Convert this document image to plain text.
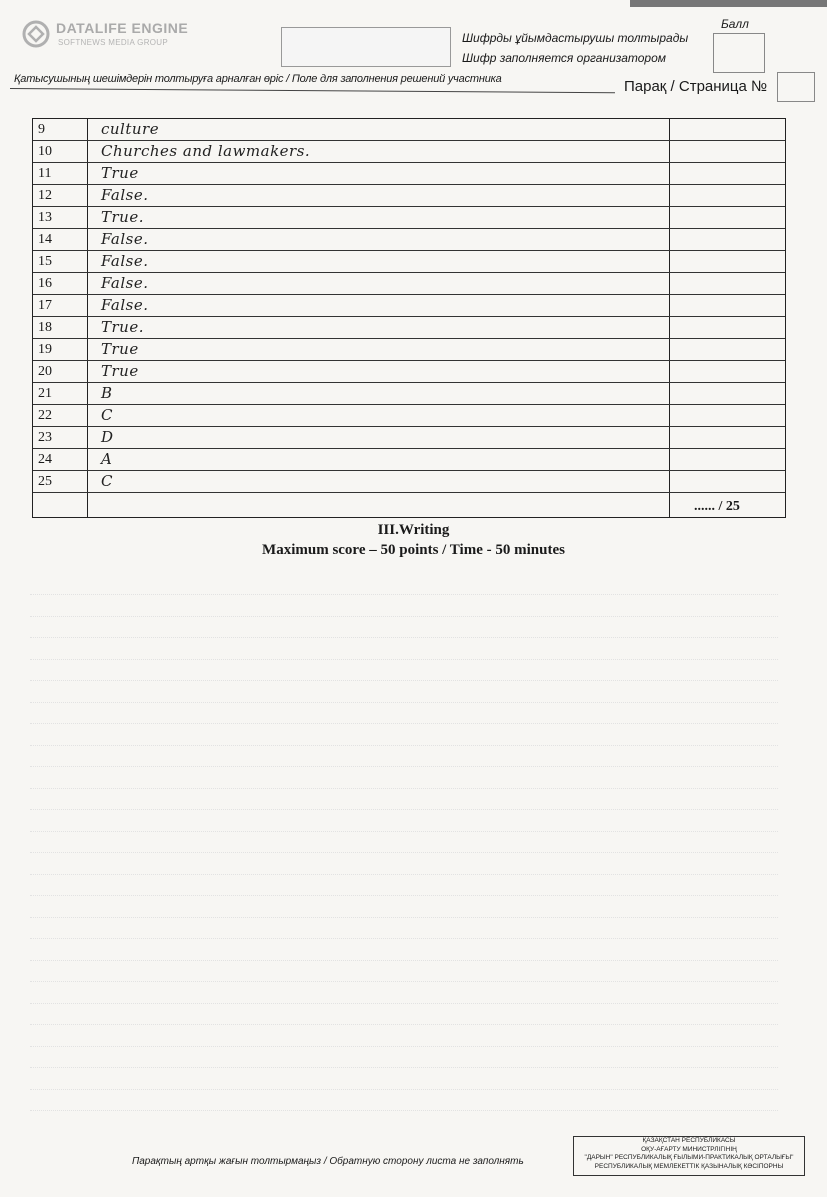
DATALIFE ENGINE
SOFTNEWS MEDIA GROUP	Шифрды ұйымдастырушы толтырады
Шифр заполняется организатором
Балл
Қатысушының шешімдерін толтыруға арналған өріс / Поле для заполнения решений участника	Парақ / Страница №
9	culture
10	Churches and lawmakers.
11	True
12	False.
13	True.
14	False.
15	False.
16	False.
17	False.
18	True.
19	True
20	True
21	B
22	C
23	D
24	A
25	C
...... / 25
III.Writing
Maximum score – 50 points / Time - 50 minutes
Парақтың артқы жағын толтырмаңыз / Обратную сторону листа не заполнять
ҚАЗАҚСТАН РЕСПУБЛИКАСЫ
ОҚУ-АҒАРТУ МИНИСТРЛІГІНІҢ
"ДАРЫН" РЕСПУБЛИКАЛЫҚ ҒЫЛЫМИ-ПРАКТИКАЛЫҚ ОРТАЛЫҒЫ"
РЕСПУБЛИКАЛЫҚ МЕМЛЕКЕТТІК ҚАЗЫНАЛЫҚ КӘСІПОРНЫ
